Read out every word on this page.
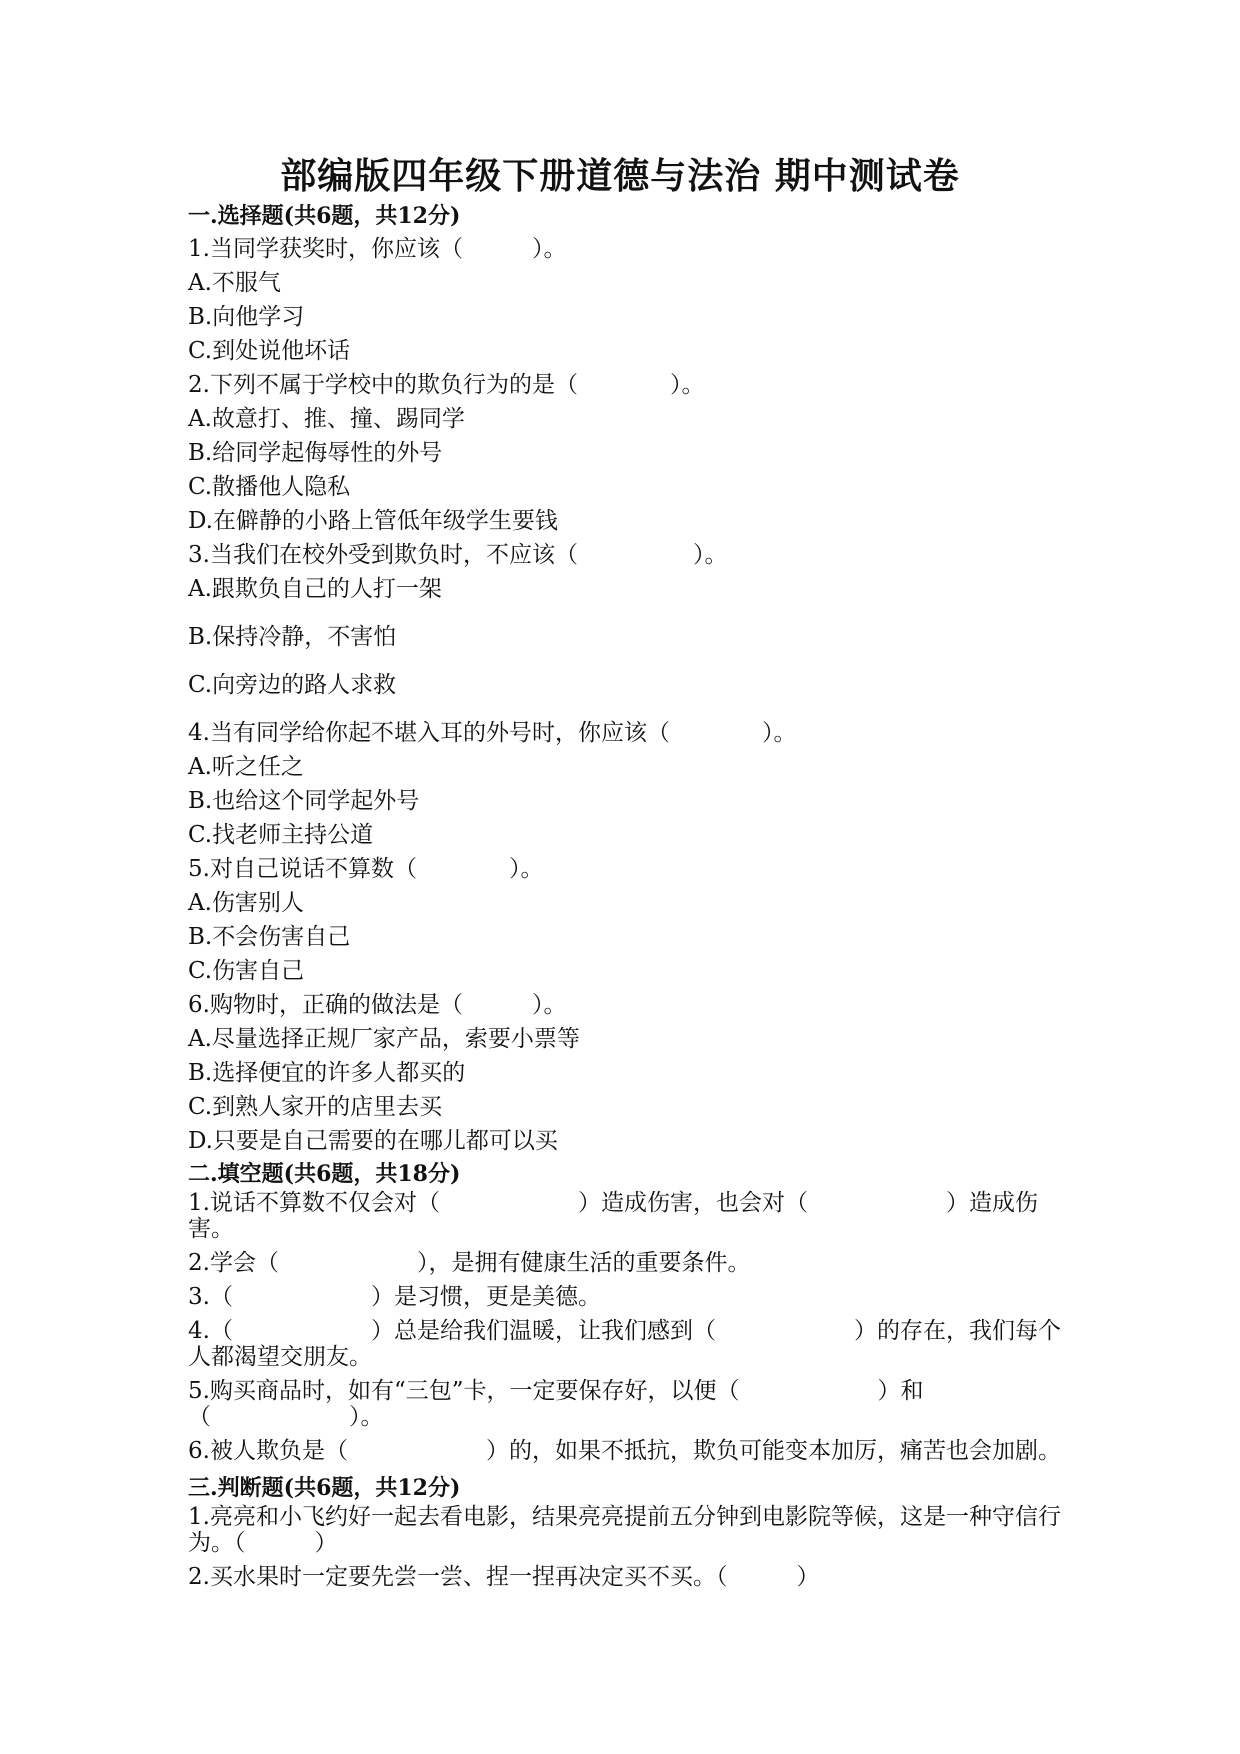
部编版四年级下册道德与法治 期中测试卷

一.选择题(共6题，共12分)

1.当同学获奖时，你应该（　　　）。

A.不服气

B.向他学习

C.到处说他坏话

2.下列不属于学校中的欺负行为的是（　　　　）。

A.故意打、推、撞、踢同学

B.给同学起侮辱性的外号

C.散播他人隐私

D.在僻静的小路上管低年级学生要钱

3.当我们在校外受到欺负时，不应该（　　　　　）。

A.跟欺负自己的人打一架

B.保持冷静，不害怕

C.向旁边的路人求救

4.当有同学给你起不堪入耳的外号时，你应该（　　　　）。

A.听之任之

B.也给这个同学起外号

C.找老师主持公道

5.对自己说话不算数（　　　　）。

A.伤害别人

B.不会伤害自己

C.伤害自己

6.购物时，正确的做法是（　　　）。

A.尽量选择正规厂家产品，索要小票等

B.选择便宜的许多人都买的

C.到熟人家开的店里去买

D.只要是自己需要的在哪儿都可以买

二.填空题(共6题，共18分)

1.说话不算数不仅会对（　　　　　　）造成伤害，也会对（　　　　　　）造成伤害。

2.学会（　　　　　　），是拥有健康生活的重要条件。

3.（　　　　　　）是习惯，更是美德。

4.（　　　　　　）总是给我们温暖，让我们感到（　　　　　　）的存在，我们每个人都渴望交朋友。

5.购买商品时，如有“三包”卡，一定要保存好，以便（　　　　　　）和（　　　　　　）。

6.被人欺负是（　　　　　　）的，如果不抵抗，欺负可能变本加厉，痛苦也会加剧。

三.判断题(共6题，共12分)

1.亮亮和小飞约好一起去看电影，结果亮亮提前五分钟到电影院等候，这是一种守信行为。（　　　）

2.买水果时一定要先尝一尝、捏一捏再决定买不买。（　　　）
